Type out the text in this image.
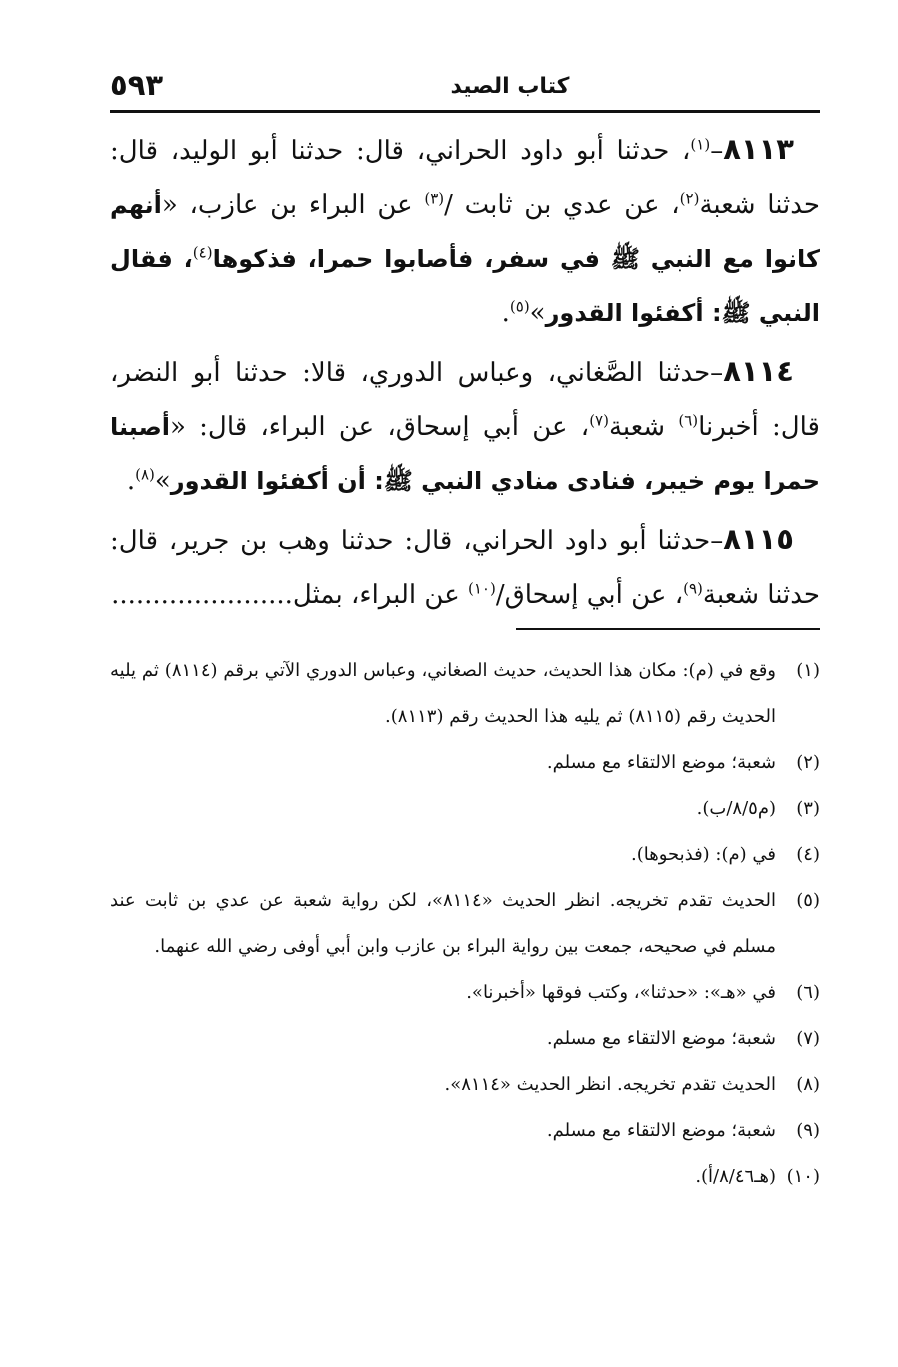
كتاب الصيد
٥٩٣

٨١١٣–$^{(١)}$، حدثنا أبو داود الحراني، قال: حدثنا أبو الوليد، قال: حدثنا شعبة$^{(٢)}$، عن عدي بن ثابت /$^{(٣)}$ عن البراء بن عازب، «أنهم كانوا مع النبي ﷺ في سفر، فأصابوا حمرا، فذكوها$^{(٤)}$، فقال النبي ﷺ: أكفئوا القدور»$^{(٥)}$.

٨١١٤–حدثنا الصَّغاني، وعباس الدوري، قالا: حدثنا أبو النضر، قال: أخبرنا$^{(٦)}$ شعبة$^{(٧)}$، عن أبي إسحاق، عن البراء، قال: «أصبنا حمرا يوم خيبر، فنادى منادي النبي ﷺ: أن أكفئوا القدور»$^{(٨)}$.

٨١١٥–حدثنا أبو داود الحراني، قال: حدثنا وهب بن جرير، قال: حدثنا شعبة$^{(٩)}$، عن أبي إسحاق/$^{(١٠)}$ عن البراء، بمثل......................

(١)وقع في (م): مكان هذا الحديث، حديث الصغاني، وعباس الدوري الآتي برقم (٨١١٤) ثم يليه الحديث رقم (٨١١٥) ثم يليه هذا الحديث رقم (٨١١٣).

(٢)شعبة؛ موضع الالتقاء مع مسلم.

(٣)(م٨/٥/ب).

(٤)في (م): (فذبحوها).

(٥)الحديث تقدم تخريجه. انظر الحديث «٨١١٤»، لكن رواية شعبة عن عدي بن ثابت عند مسلم في صحيحه، جمعت بين رواية البراء بن عازب وابن أبي أوفى رضي الله عنهما.

(٦)في «هـ»: «حدثنا»، وكتب فوقها «أخبرنا».

(٧)شعبة؛ موضع الالتقاء مع مسلم.

(٨)الحديث تقدم تخريجه. انظر الحديث «٨١١٤».

(٩)شعبة؛ موضع الالتقاء مع مسلم.

(١٠)(هـ٨/٤٦/أ).
